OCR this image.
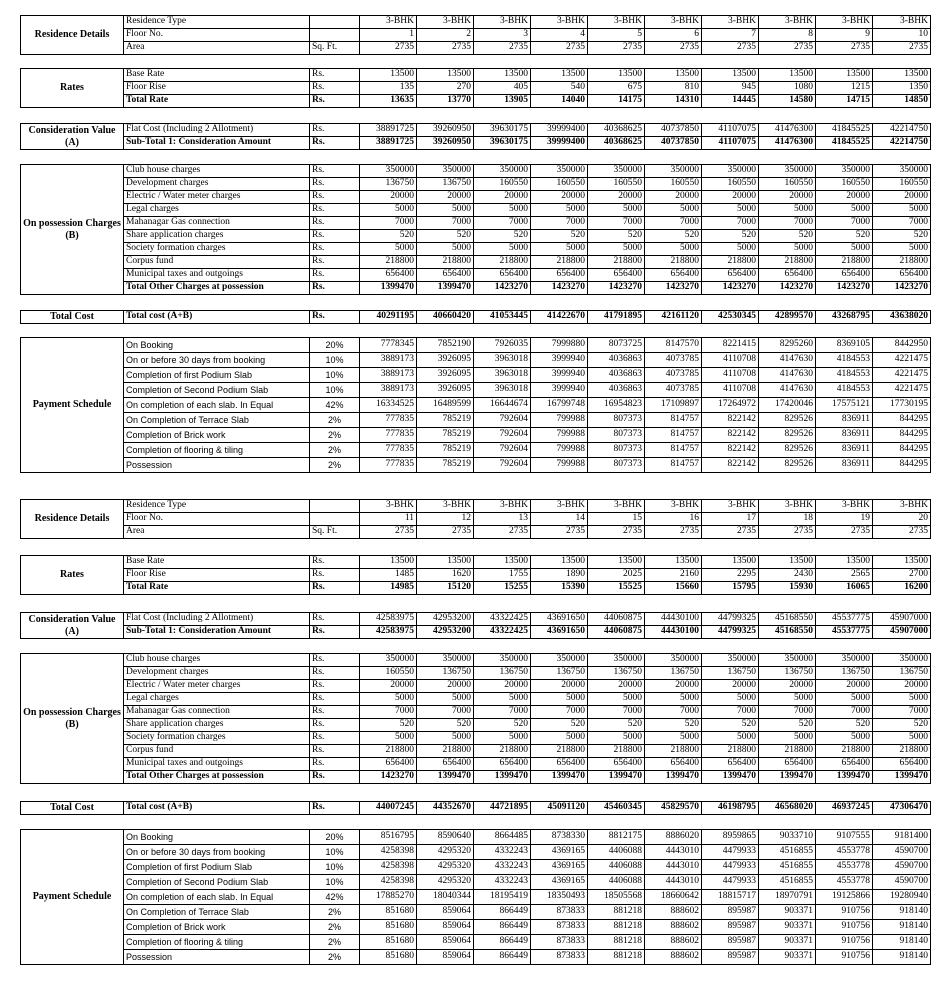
Residence Details	Residence Type		3-BHK	3-BHK	3-BHK	3-BHK	3-BHK	3-BHK	3-BHK	3-BHK	3-BHK	3-BHK
	Floor No.		1	2	3	4	5	6	7	8	9	10
	Area	Sq. Ft.	2735	2735	2735	2735	2735	2735	2735	2735	2735	2735
Rates	Base Rate	Rs.	13500	13500	13500	13500	13500	13500	13500	13500	13500	13500
	Floor Rise	Rs.	135	270	405	540	675	810	945	1080	1215	1350
	Total Rate	Rs.	13635	13770	13905	14040	14175	14310	14445	14580	14715	14850
Consideration Value (A)	Flat Cost (Including 2 Allotment)	Rs.	38891725	39260950	39630175	39999400	40368625	40737850	41107075	41476300	41845525	42214750
	Sub-Total 1: Consideration Amount	Rs.	38891725	39260950	39630175	39999400	40368625	40737850	41107075	41476300	41845525	42214750
On possession Charges (B)	Club house charges	Rs.	350000	350000	350000	350000	350000	350000	350000	350000	350000	350000
	Development charges	Rs.	136750	136750	160550	160550	160550	160550	160550	160550	160550	160550
	Electric / Water meter charges	Rs.	20000	20000	20000	20000	20000	20000	20000	20000	20000	20000
	Legal charges	Rs.	5000	5000	5000	5000	5000	5000	5000	5000	5000	5000
	Mahanagar Gas connection	Rs.	7000	7000	7000	7000	7000	7000	7000	7000	7000	7000
	Share application charges	Rs.	520	520	520	520	520	520	520	520	520	520
	Society formation charges	Rs.	5000	5000	5000	5000	5000	5000	5000	5000	5000	5000
	Corpus fund	Rs.	218800	218800	218800	218800	218800	218800	218800	218800	218800	218800
	Municipal taxes and outgoings	Rs.	656400	656400	656400	656400	656400	656400	656400	656400	656400	656400
	Total Other Charges at possession	Rs.	1399470	1399470	1423270	1423270	1423270	1423270	1423270	1423270	1423270	1423270
Total Cost	Total cost (A+B)	Rs.	40291195	40660420	41053445	41422670	41791895	42161120	42530345	42899570	43268795	43638020
Payment Schedule	On Booking	20%	7778345	7852190	7926035	7999880	8073725	8147570	8221415	8295260	8369105	8442950
	On or before 30 days from booking	10%	3889173	3926095	3963018	3999940	4036863	4073785	4110708	4147630	4184553	4221475
	Completion of first Podium Slab	10%	3889173	3926095	3963018	3999940	4036863	4073785	4110708	4147630	4184553	4221475
	Completion of Second Podium Slab	10%	3889173	3926095	3963018	3999940	4036863	4073785	4110708	4147630	4184553	4221475
	On completion of each slab. In Equal	42%	16334525	16489599	16644674	16799748	16954823	17109897	17264972	17420046	17575121	17730195
	On Completion of Terrace Slab	2%	777835	785219	792604	799988	807373	814757	822142	829526	836911	844295
	Completion of Brick work	2%	777835	785219	792604	799988	807373	814757	822142	829526	836911	844295
	Completion of flooring & tiling	2%	777835	785219	792604	799988	807373	814757	822142	829526	836911	844295
	Possession	2%	777835	785219	792604	799988	807373	814757	822142	829526	836911	844295
Residence Details	Residence Type		3-BHK	3-BHK	3-BHK	3-BHK	3-BHK	3-BHK	3-BHK	3-BHK	3-BHK	3-BHK
	Floor No.		11	12	13	14	15	16	17	18	19	20
	Area	Sq. Ft.	2735	2735	2735	2735	2735	2735	2735	2735	2735	2735
Rates	Base Rate	Rs.	13500	13500	13500	13500	13500	13500	13500	13500	13500	13500
	Floor Rise	Rs.	1485	1620	1755	1890	2025	2160	2295	2430	2565	2700
	Total Rate	Rs.	14985	15120	15255	15390	15525	15660	15795	15930	16065	16200
Consideration Value (A)	Flat Cost (Including 2 Allotment)	Rs.	42583975	42953200	43322425	43691650	44060875	44430100	44799325	45168550	45537775	45907000
	Sub-Total 1: Consideration Amount	Rs.	42583975	42953200	43322425	43691650	44060875	44430100	44799325	45168550	45537775	45907000
On possession Charges (B)	Club house charges	Rs.	350000	350000	350000	350000	350000	350000	350000	350000	350000	350000
	Development charges	Rs.	160550	136750	136750	136750	136750	136750	136750	136750	136750	136750
	Electric / Water meter charges	Rs.	20000	20000	20000	20000	20000	20000	20000	20000	20000	20000
	Legal charges	Rs.	5000	5000	5000	5000	5000	5000	5000	5000	5000	5000
	Mahanagar Gas connection	Rs.	7000	7000	7000	7000	7000	7000	7000	7000	7000	7000
	Share application charges	Rs.	520	520	520	520	520	520	520	520	520	520
	Society formation charges	Rs.	5000	5000	5000	5000	5000	5000	5000	5000	5000	5000
	Corpus fund	Rs.	218800	218800	218800	218800	218800	218800	218800	218800	218800	218800
	Municipal taxes and outgoings	Rs.	656400	656400	656400	656400	656400	656400	656400	656400	656400	656400
	Total Other Charges at possession	Rs.	1423270	1399470	1399470	1399470	1399470	1399470	1399470	1399470	1399470	1399470
Total Cost	Total cost (A+B)	Rs.	44007245	44352670	44721895	45091120	45460345	45829570	46198795	46568020	46937245	47306470
Payment Schedule	On Booking	20%	8516795	8590640	8664485	8738330	8812175	8886020	8959865	9033710	9107555	9181400
	On or before 30 days from booking	10%	4258398	4295320	4332243	4369165	4406088	4443010	4479933	4516855	4553778	4590700
	Completion of first Podium Slab	10%	4258398	4295320	4332243	4369165	4406088	4443010	4479933	4516855	4553778	4590700
	Completion of Second Podium Slab	10%	4258398	4295320	4332243	4369165	4406088	4443010	4479933	4516855	4553778	4590700
	On completion of each slab. In Equal	42%	17885270	18040344	18195419	18350493	18505568	18660642	18815717	18970791	19125866	19280940
	On Completion of Terrace Slab	2%	851680	859064	866449	873833	881218	888602	895987	903371	910756	918140
	Completion of Brick work	2%	851680	859064	866449	873833	881218	888602	895987	903371	910756	918140
	Completion of flooring & tiling	2%	851680	859064	866449	873833	881218	888602	895987	903371	910756	918140
	Possession	2%	851680	859064	866449	873833	881218	888602	895987	903371	910756	918140
